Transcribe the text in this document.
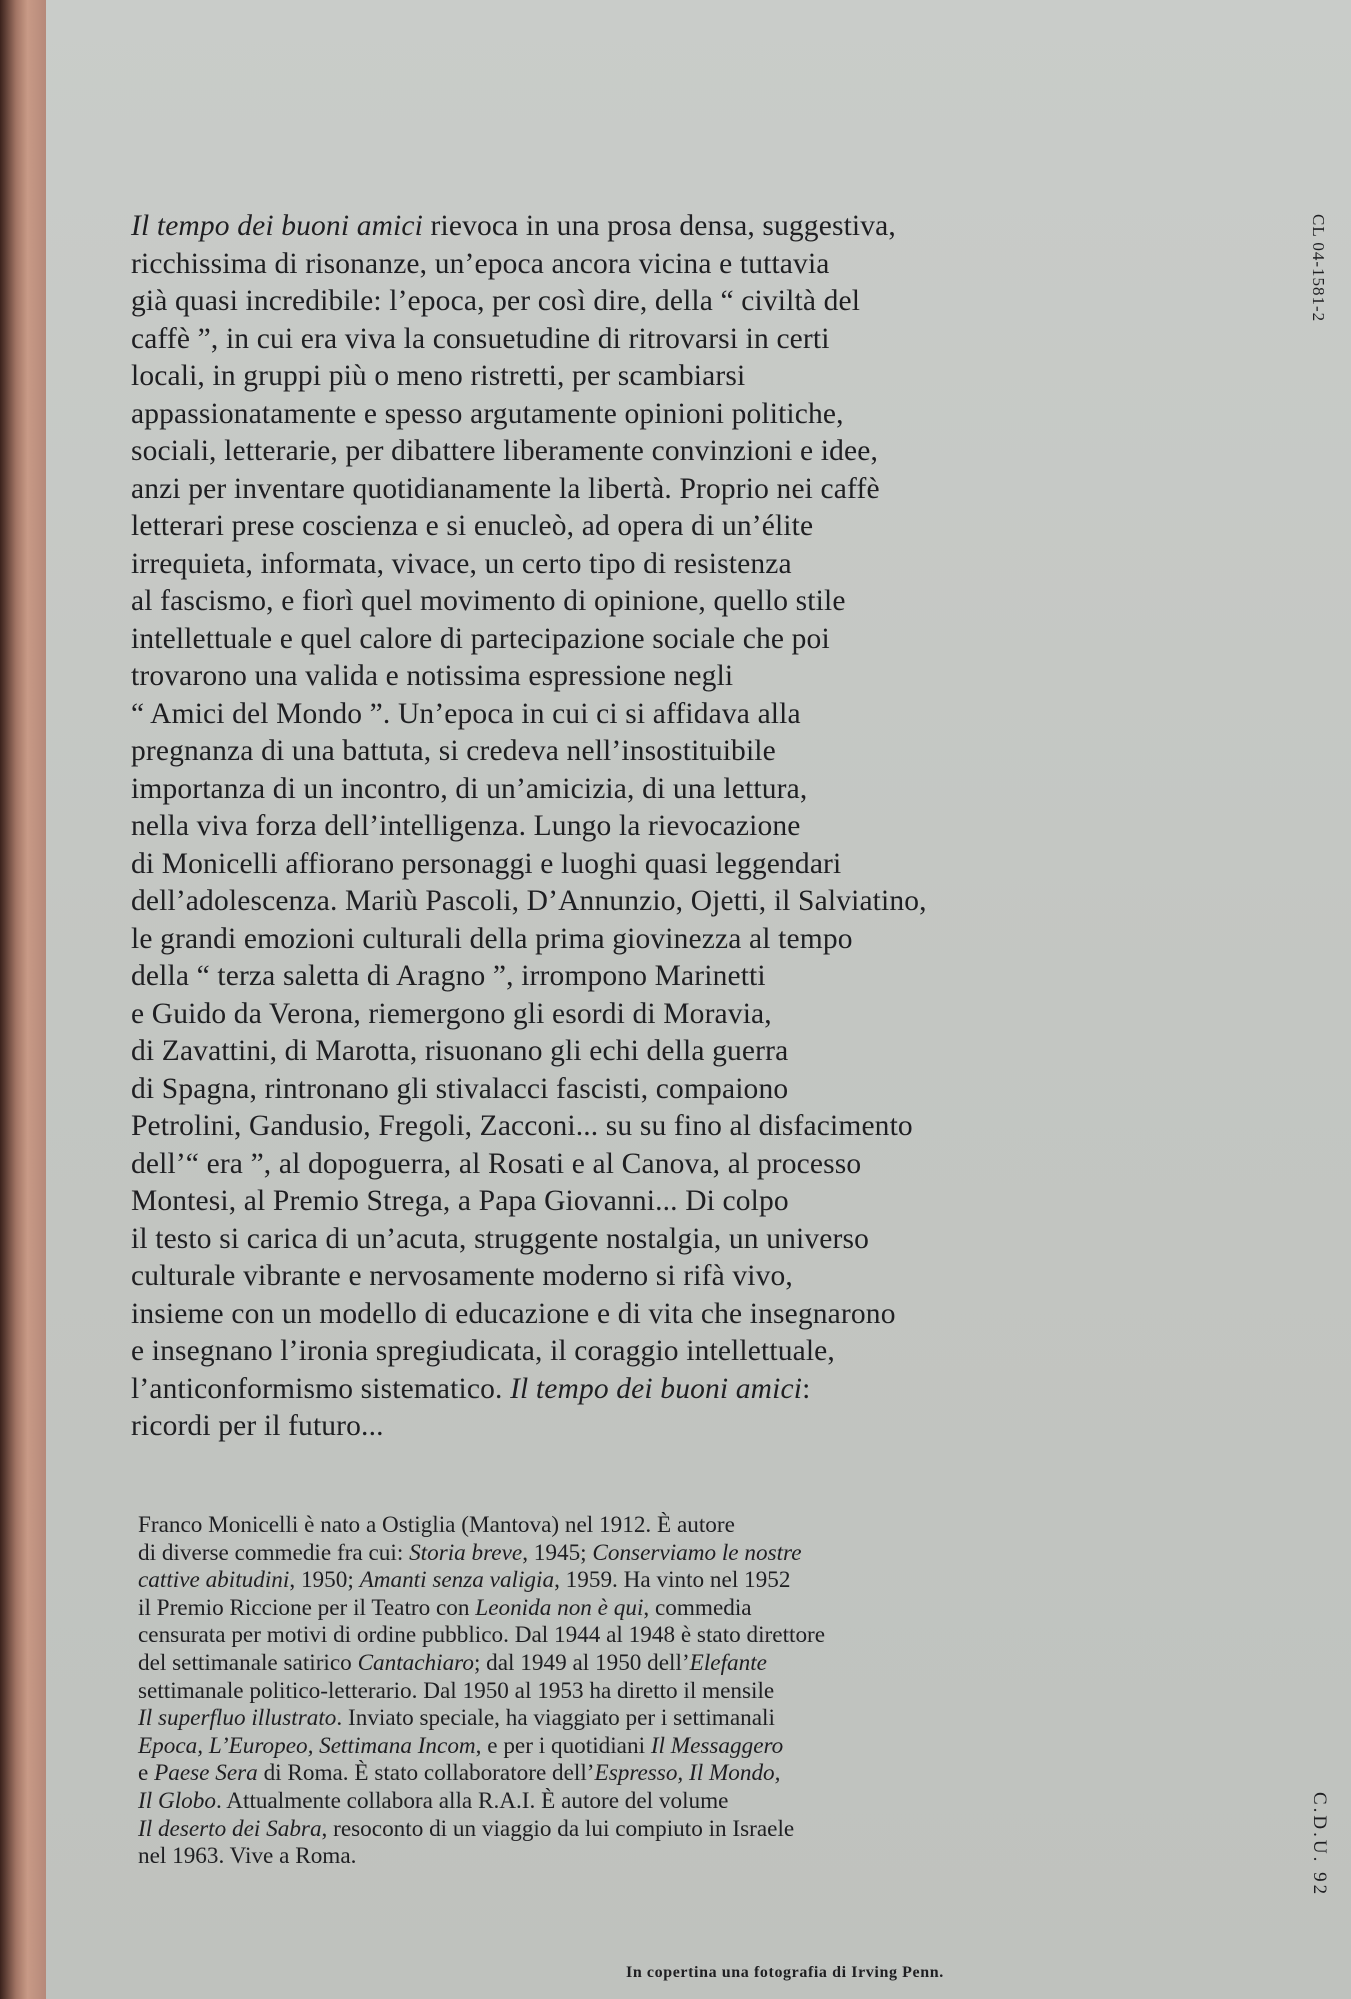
Il tempo dei buoni amici rievoca in una prosa densa, suggestiva,
ricchissima di risonanze, un’epoca ancora vicina e tuttavia
già quasi incredibile: l’epoca, per così dire, della “ civiltà del
caffè ”, in cui era viva la consuetudine di ritrovarsi in certi
locali, in gruppi più o meno ristretti, per scambiarsi
appassionatamente e spesso argutamente opinioni politiche,
sociali, letterarie, per dibattere liberamente convinzioni e idee,
anzi per inventare quotidianamente la libertà. Proprio nei caffè
letterari prese coscienza e si enucleò, ad opera di un’élite
irrequieta, informata, vivace, un certo tipo di resistenza
al fascismo, e fiorì quel movimento di opinione, quello stile
intellettuale e quel calore di partecipazione sociale che poi
trovarono una valida e notissima espressione negli
“ Amici del Mondo ”. Un’epoca in cui ci si affidava alla
pregnanza di una battuta, si credeva nell’insostituibile
importanza di un incontro, di un’amicizia, di una lettura,
nella viva forza dell’intelligenza. Lungo la rievocazione
di Monicelli affiorano personaggi e luoghi quasi leggendari
dell’adolescenza. Mariù Pascoli, D’Annunzio, Ojetti, il Salviatino,
le grandi emozioni culturali della prima giovinezza al tempo
della “ terza saletta di Aragno ”, irrompono Marinetti
e Guido da Verona, riemergono gli esordi di Moravia,
di Zavattini, di Marotta, risuonano gli echi della guerra
di Spagna, rintronano gli stivalacci fascisti, compaiono
Petrolini, Gandusio, Fregoli, Zacconi... su su fino al disfacimento
dell’“ era ”, al dopoguerra, al Rosati e al Canova, al processo
Montesi, al Premio Strega, a Papa Giovanni... Di colpo
il testo si carica di un’acuta, struggente nostalgia, un universo
culturale vibrante e nervosamente moderno si rifà vivo,
insieme con un modello di educazione e di vita che insegnarono
e insegnano l’ironia spregiudicata, il coraggio intellettuale,
l’anticonformismo sistematico. Il tempo dei buoni amici:
ricordi per il futuro...

Franco Monicelli è nato a Ostiglia (Mantova) nel 1912. È autore
di diverse commedie fra cui: Storia breve, 1945; Conserviamo le nostre
cattive abitudini, 1950; Amanti senza valigia, 1959. Ha vinto nel 1952
il Premio Riccione per il Teatro con Leonida non è qui, commedia
censurata per motivi di ordine pubblico. Dal 1944 al 1948 è stato direttore
del settimanale satirico Cantachiaro; dal 1949 al 1950 dell’Elefante
settimanale politico-letterario. Dal 1950 al 1953 ha diretto il mensile
Il superfluo illustrato. Inviato speciale, ha viaggiato per i settimanali
Epoca, L’Europeo, Settimana Incom, e per i quotidiani Il Messaggero
e Paese Sera di Roma. È stato collaboratore dell’Espresso, Il Mondo,
Il Globo. Attualmente collabora alla R.A.I. È autore del volume
Il deserto dei Sabra, resoconto di un viaggio da lui compiuto in Israele
nel 1963. Vive a Roma.

In copertina una fotografia di Irving Penn.
CL 04-1581-2
C.D.U. 92
